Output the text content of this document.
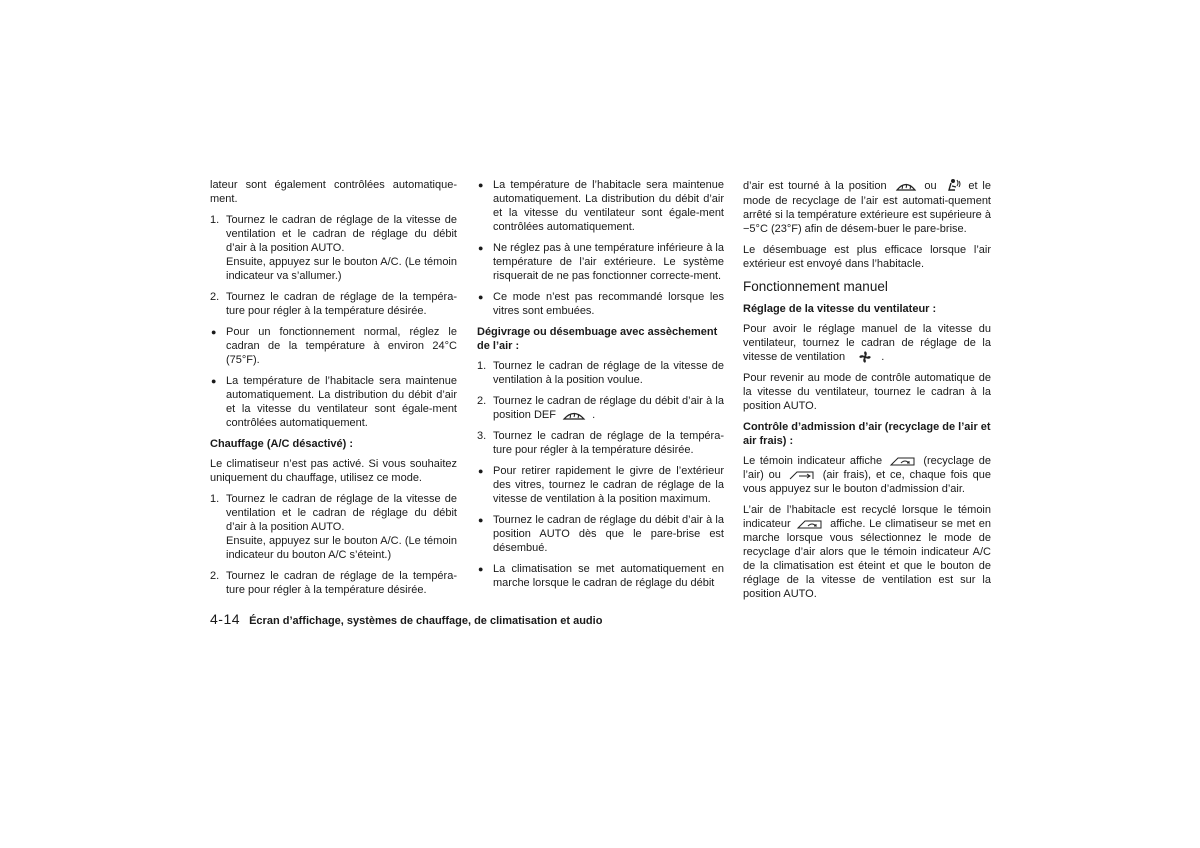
lateur sont également contrôlées automatique-ment.

1. Tournez le cadran de réglage de la vitesse de ventilation et le cadran de réglage du débit d’air à la position AUTO.
Ensuite, appuyez sur le bouton A/C. (Le témoin indicateur va s’allumer.)
2. Tournez le cadran de réglage de la tempéra-ture pour régler à la température désirée.
● Pour un fonctionnement normal, réglez le cadran de la température à environ 24°C (75°F).
● La température de l’habitacle sera maintenue automatiquement. La distribution du débit d’air et la vitesse du ventilateur sont égale-ment contrôlées automatiquement.
Chauffage (A/C désactivé) :

Le climatiseur n’est pas activé. Si vous souhaitez uniquement du chauffage, utilisez ce mode.

1. Tournez le cadran de réglage de la vitesse de ventilation et le cadran de réglage du débit d’air à la position AUTO.
Ensuite, appuyez sur le bouton A/C. (Le témoin indicateur du bouton A/C s’éteint.)
2. Tournez le cadran de réglage de la tempéra-ture pour régler à la température désirée.
● La température de l’habitacle sera maintenue automatiquement. La distribution du débit d’air et la vitesse du ventilateur sont égale-ment contrôlées automatiquement.
● Ne réglez pas à une température inférieure à la température de l’air extérieure. Le système risquerait de ne pas fonctionner correcte-ment.
● Ce mode n’est pas recommandé lorsque les vitres sont embuées.
Dégivrage ou désembuage avec assèchement de l’air :
1. Tournez le cadran de réglage de la vitesse de ventilation à la position voulue.
2. Tournez le cadran de réglage du débit d’air à la position DEF	.
3. Tournez le cadran de réglage de la tempéra-ture pour régler à la température désirée.
● Pour retirer rapidement le givre de l’extérieur des vitres, tournez le cadran de réglage de la vitesse de ventilation à la position maximum.
● Tournez le cadran de réglage du débit d’air à la position AUTO dès que le pare-brise est désembué.
● La climatisation se met automatiquement en marche lorsque le cadran de réglage du débit

d’air est tourné à la position	ou	et le mode de recyclage de l’air est automati-quement arrêté si la température extérieure est supérieure à −5°C (23°F) afin de désem-buer le pare-brise.

Le désembuage est plus efficace lorsque l’air extérieur est envoyé dans l’habitacle.

Fonctionnement manuel
Réglage de la vitesse du ventilateur :

Pour avoir le réglage manuel de la vitesse du ventilateur, tournez le cadran de réglage de la vitesse de ventilation	.

Pour revenir au mode de contrôle automatique de la vitesse du ventilateur, tournez le cadran à la position AUTO.

Contrôle d’admission d’air (recyclage de l’air et air frais) :

Le témoin indicateur affiche	(recyclage de l’air) ou	(air frais), et ce, chaque fois que vous appuyez sur le bouton d’admission d’air.

L’air de l’habitacle est recyclé lorsque le témoin indicateur	affiche. Le climatiseur se met en marche lorsque vous sélectionnez le mode de recyclage d’air alors que le témoin indicateur A/C de la climatisation est éteint et que le bouton de réglage de la vitesse de ventilation est sur la position AUTO.

4-14 Écran d’affichage, systèmes de chauffage, de climatisation et audio
